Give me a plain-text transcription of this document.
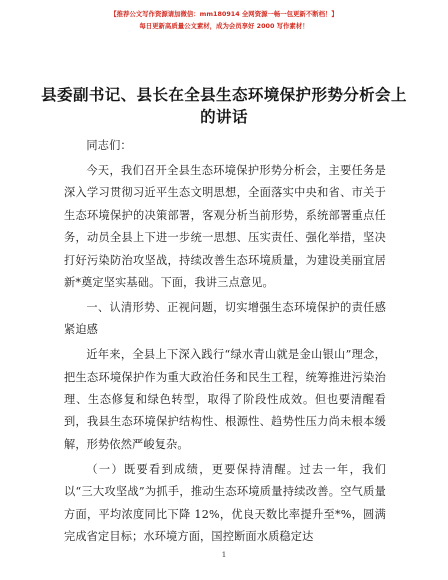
【推荐公文写作资源请加微信：mm180914 全网资源一畅一包更新不断档！】
每日更新高质量公文素材，成为会员享好 2000 写作素材！
县委副书记、县长在全县生态环境保护形势分析会上的讲话

同志们：

今天，我们召开全县生态环境保护形势分析会，主要任务是深入学习贯彻习近平生态文明思想，全面落实中央和省、市关于生态环境保护的决策部署，客观分析当前形势，系统部署重点任务，动员全县上下进一步统一思想、压实责任、强化举措，坚决打好污染防治攻坚战，持续改善生态环境质量，为建设美丽宜居新*奠定坚实基础。下面，我讲三点意见。

一、认清形势、正视问题，切实增强生态环境保护的责任感紧迫感

近年来，全县上下深入践行“绿水青山就是金山银山”理念，把生态环境保护作为重大政治任务和民生工程，统筹推进污染治理、生态修复和绿色转型，取得了阶段性成效。但也要清醒看到，我县生态环境保护结构性、根源性、趋势性压力尚未根本缓解，形势依然严峻复杂。

（一）既要看到成绩，更要保持清醒。过去一年，我们以“三大攻坚战”为抓手，推动生态环境质量持续改善。空气质量方面，平均浓度同比下降 12%，优良天数比率提升至*%，圆满完成省定目标；水环境方面，国控断面水质稳定达

1
